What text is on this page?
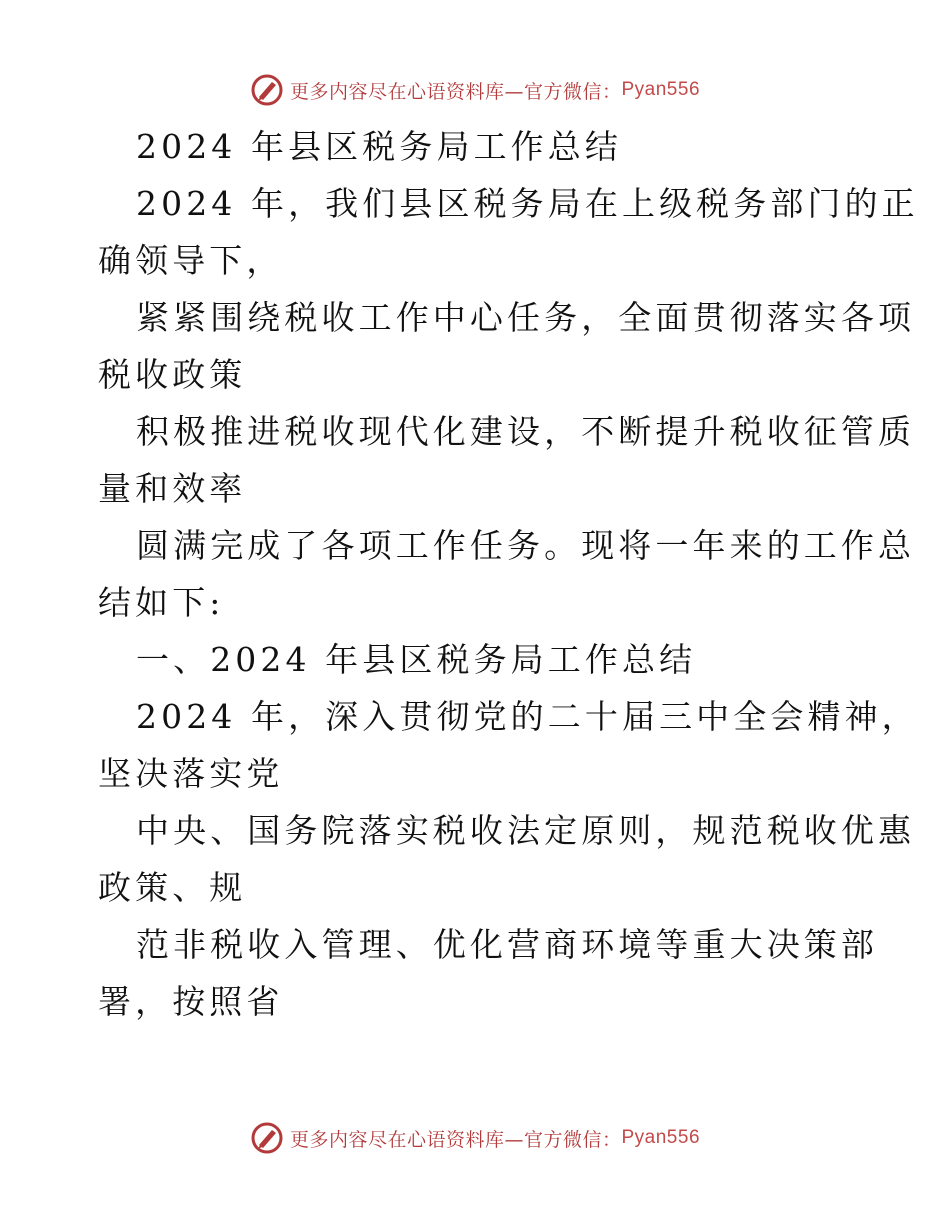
更多内容尽在心语资料库—官方微信： Pyan556
2024 年县区税务局工作总结
2024 年，我们县区税务局在上级税务部门的正
确领导下，
紧紧围绕税收工作中心任务，全面贯彻落实各项
税收政策
积极推进税收现代化建设，不断提升税收征管质
量和效率
圆满完成了各项工作任务。现将一年来的工作总
结如下:
一、2024 年县区税务局工作总结
2024 年，深入贯彻党的二十届三中全会精神，
坚决落实党
中央、国务院落实税收法定原则，规范税收优惠
政策、规
范非税收入管理、优化营商环境等重大决策部
署，按照省
更多内容尽在心语资料库—官方微信： Pyan556
